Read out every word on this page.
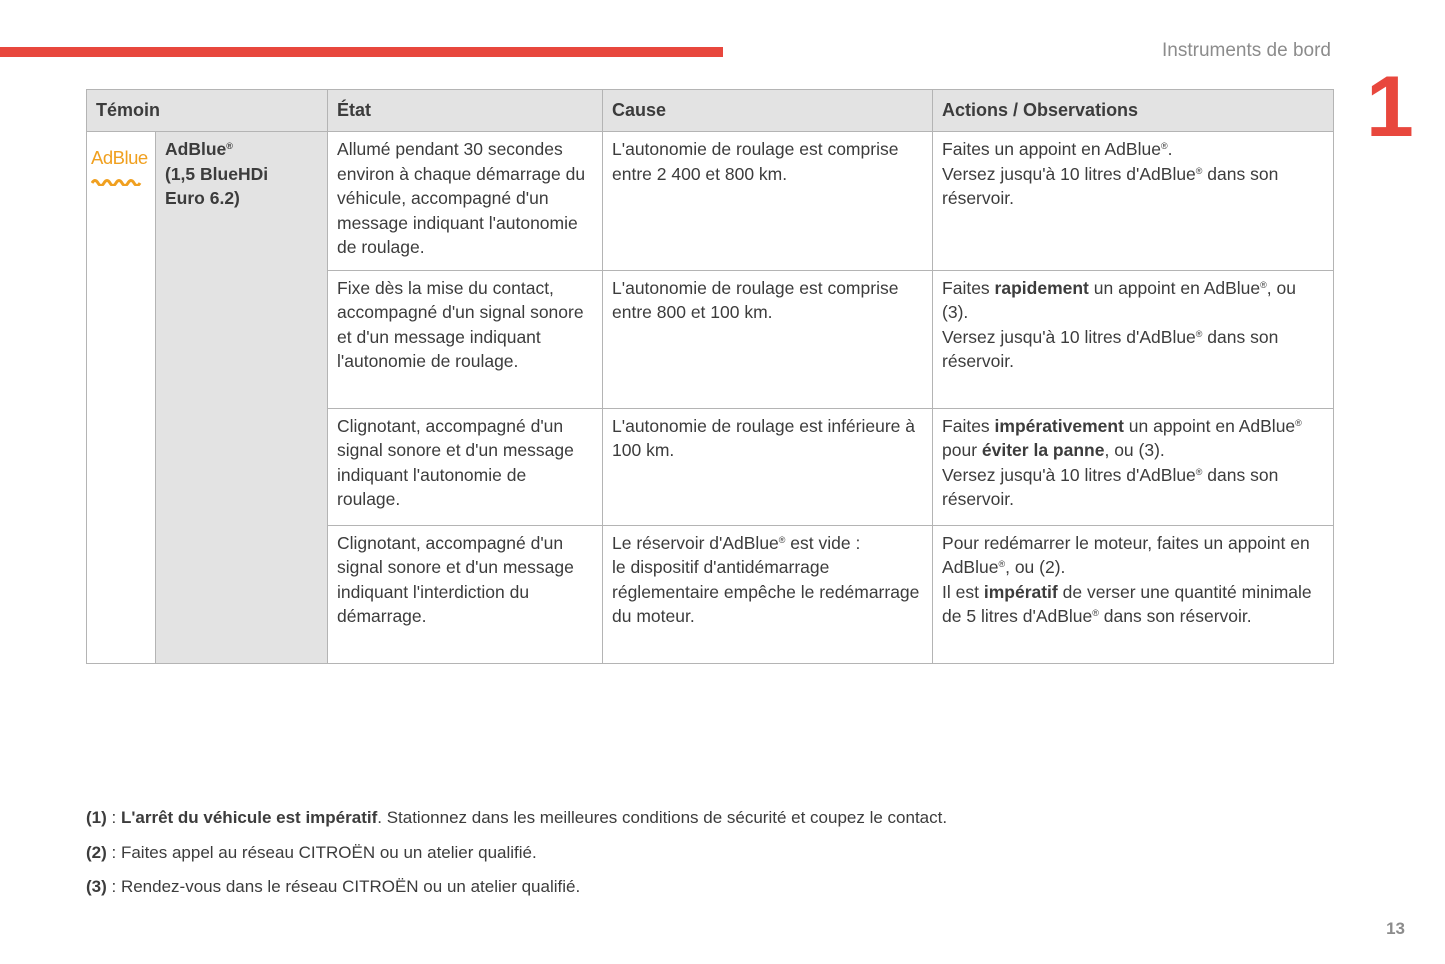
Instruments de bord
1
Témoin		État	Cause	Actions / Observations

AdBlue	AdBlue®
(1,5 BlueHDi
Euro 6.2)	Allumé pendant 30 secondes environ à chaque démarrage du véhicule, accompagné d'un message indiquant l'autonomie de roulage.	L'autonomie de roulage est comprise entre 2 400 et 800 km.	Faites un appoint en AdBlue®.
Versez jusqu'à 10 litres d'AdBlue® dans son réservoir.
		Fixe dès la mise du contact, accompagné d'un signal sonore et d'un message indiquant l'autonomie de roulage.	L'autonomie de roulage est comprise entre 800 et 100 km.	Faites rapidement un appoint en AdBlue®, ou (3).
Versez jusqu'à 10 litres d'AdBlue® dans son réservoir.
		Clignotant, accompagné d'un signal sonore et d'un message indiquant l'autonomie de roulage.	L'autonomie de roulage est inférieure à 100 km.	Faites impérativement un appoint en AdBlue® pour éviter la panne, ou (3).
Versez jusqu'à 10 litres d'AdBlue® dans son réservoir.
		Clignotant, accompagné d'un signal sonore et d'un message indiquant l'interdiction du démarrage.	Le réservoir d'AdBlue® est vide :
le dispositif d'antidémarrage réglementaire empêche le redémarrage du moteur.	Pour redémarrer le moteur, faites un appoint en AdBlue®, ou (2).
Il est impératif de verser une quantité minimale de 5 litres d'AdBlue® dans son réservoir.
(1) : L'arrêt du véhicule est impératif. Stationnez dans les meilleures conditions de sécurité et coupez le contact.
(2) : Faites appel au réseau CITROËN ou un atelier qualifié.
(3) : Rendez-vous dans le réseau CITROËN ou un atelier qualifié.
13
